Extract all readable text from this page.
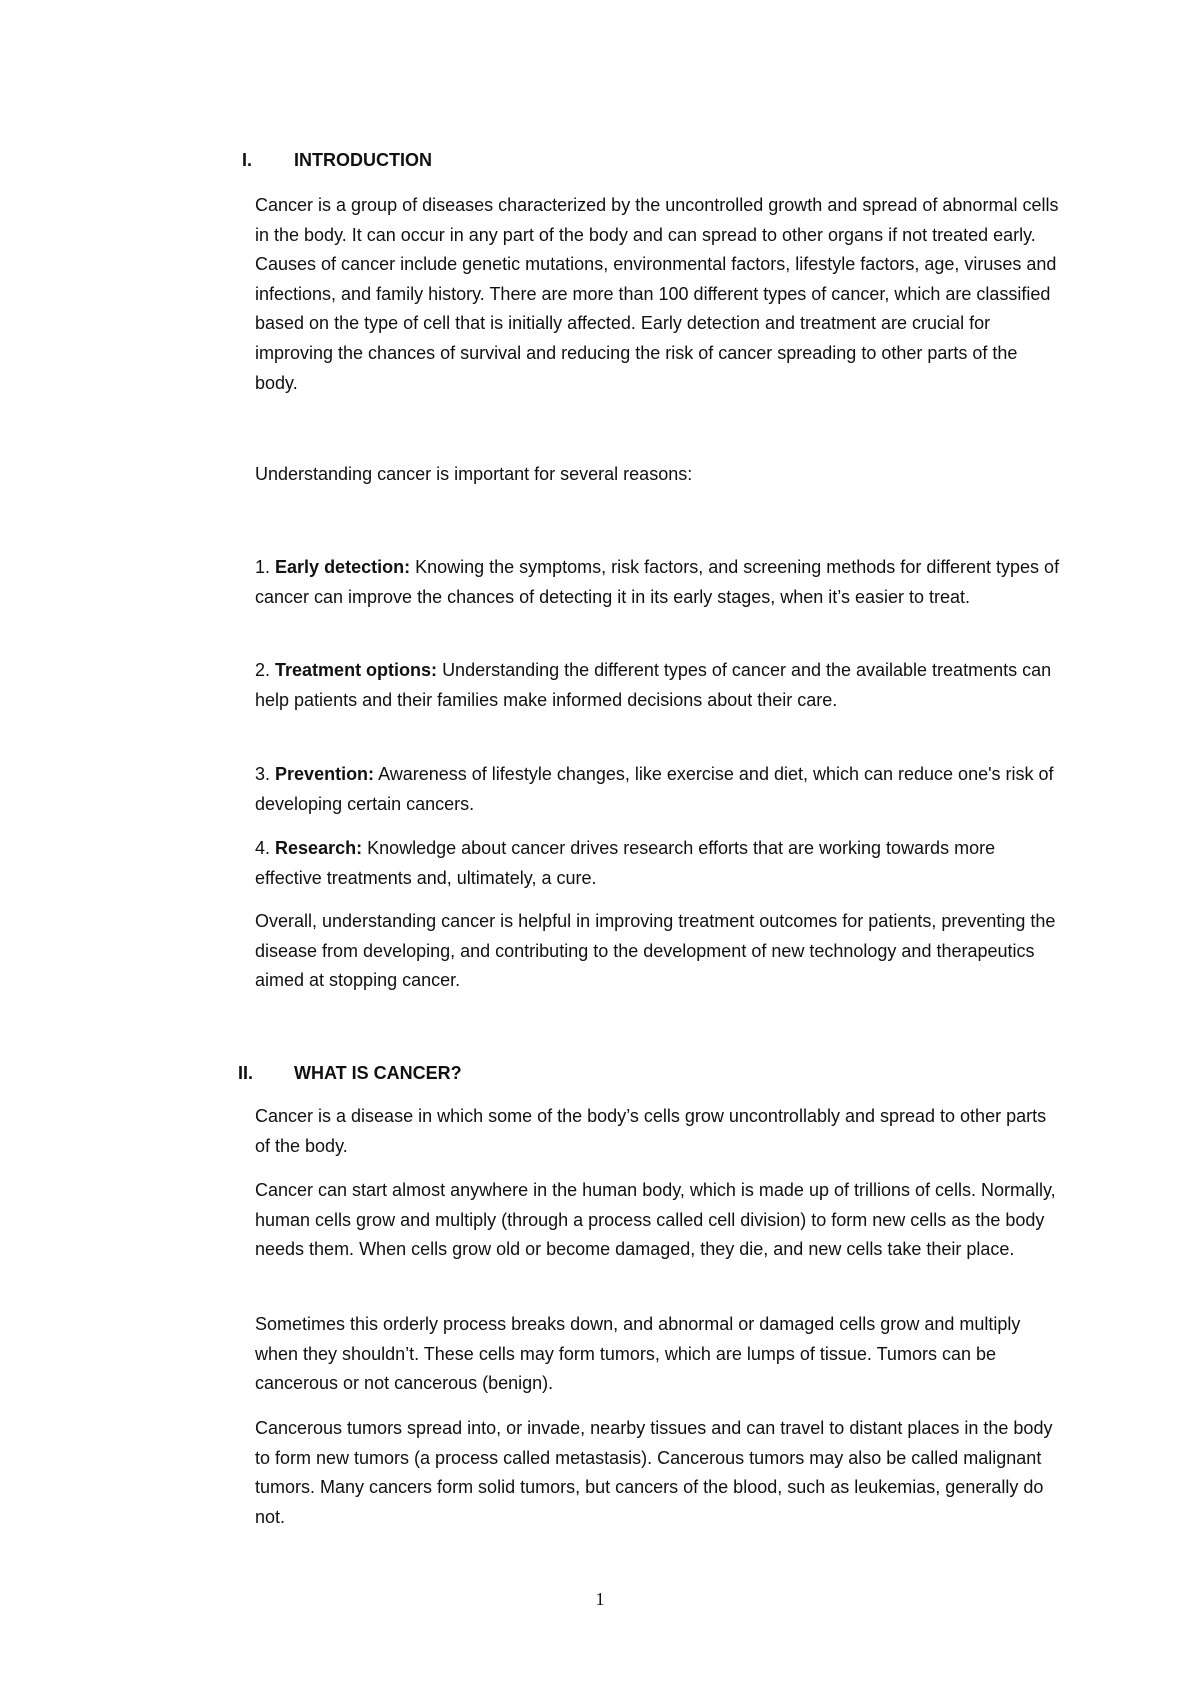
I. INTRODUCTION

Cancer is a group of diseases characterized by the uncontrolled growth and spread of abnormal cells in the body. It can occur in any part of the body and can spread to other organs if not treated early. Causes of cancer include genetic mutations, environmental factors, lifestyle factors, age, viruses and infections, and family history. There are more than 100 different types of cancer, which are classified based on the type of cell that is initially affected. Early detection and treatment are crucial for improving the chances of survival and reducing the risk of cancer spreading to other parts of the body.

Understanding cancer is important for several reasons:

1. Early detection: Knowing the symptoms, risk factors, and screening methods for different types of cancer can improve the chances of detecting it in its early stages, when it’s easier to treat.

2. Treatment options: Understanding the different types of cancer and the available treatments can help patients and their families make informed decisions about their care.

3. Prevention: Awareness of lifestyle changes, like exercise and diet, which can reduce one's risk of developing certain cancers.

4. Research: Knowledge about cancer drives research efforts that are working towards more effective treatments and, ultimately, a cure.

Overall, understanding cancer is helpful in improving treatment outcomes for patients, preventing the disease from developing, and contributing to the development of new technology and therapeutics aimed at stopping cancer.

II. WHAT IS CANCER?

Cancer is a disease in which some of the body’s cells grow uncontrollably and spread to other parts of the body.

Cancer can start almost anywhere in the human body, which is made up of trillions of cells. Normally, human cells grow and multiply (through a process called cell division) to form new cells as the body needs them. When cells grow old or become damaged, they die, and new cells take their place.

Sometimes this orderly process breaks down, and abnormal or damaged cells grow and multiply when they shouldn’t. These cells may form tumors, which are lumps of tissue. Tumors can be cancerous or not cancerous (benign).

Cancerous tumors spread into, or invade, nearby tissues and can travel to distant places in the body to form new tumors (a process called metastasis). Cancerous tumors may also be called malignant tumors. Many cancers form solid tumors, but cancers of the blood, such as leukemias, generally do not.

1
